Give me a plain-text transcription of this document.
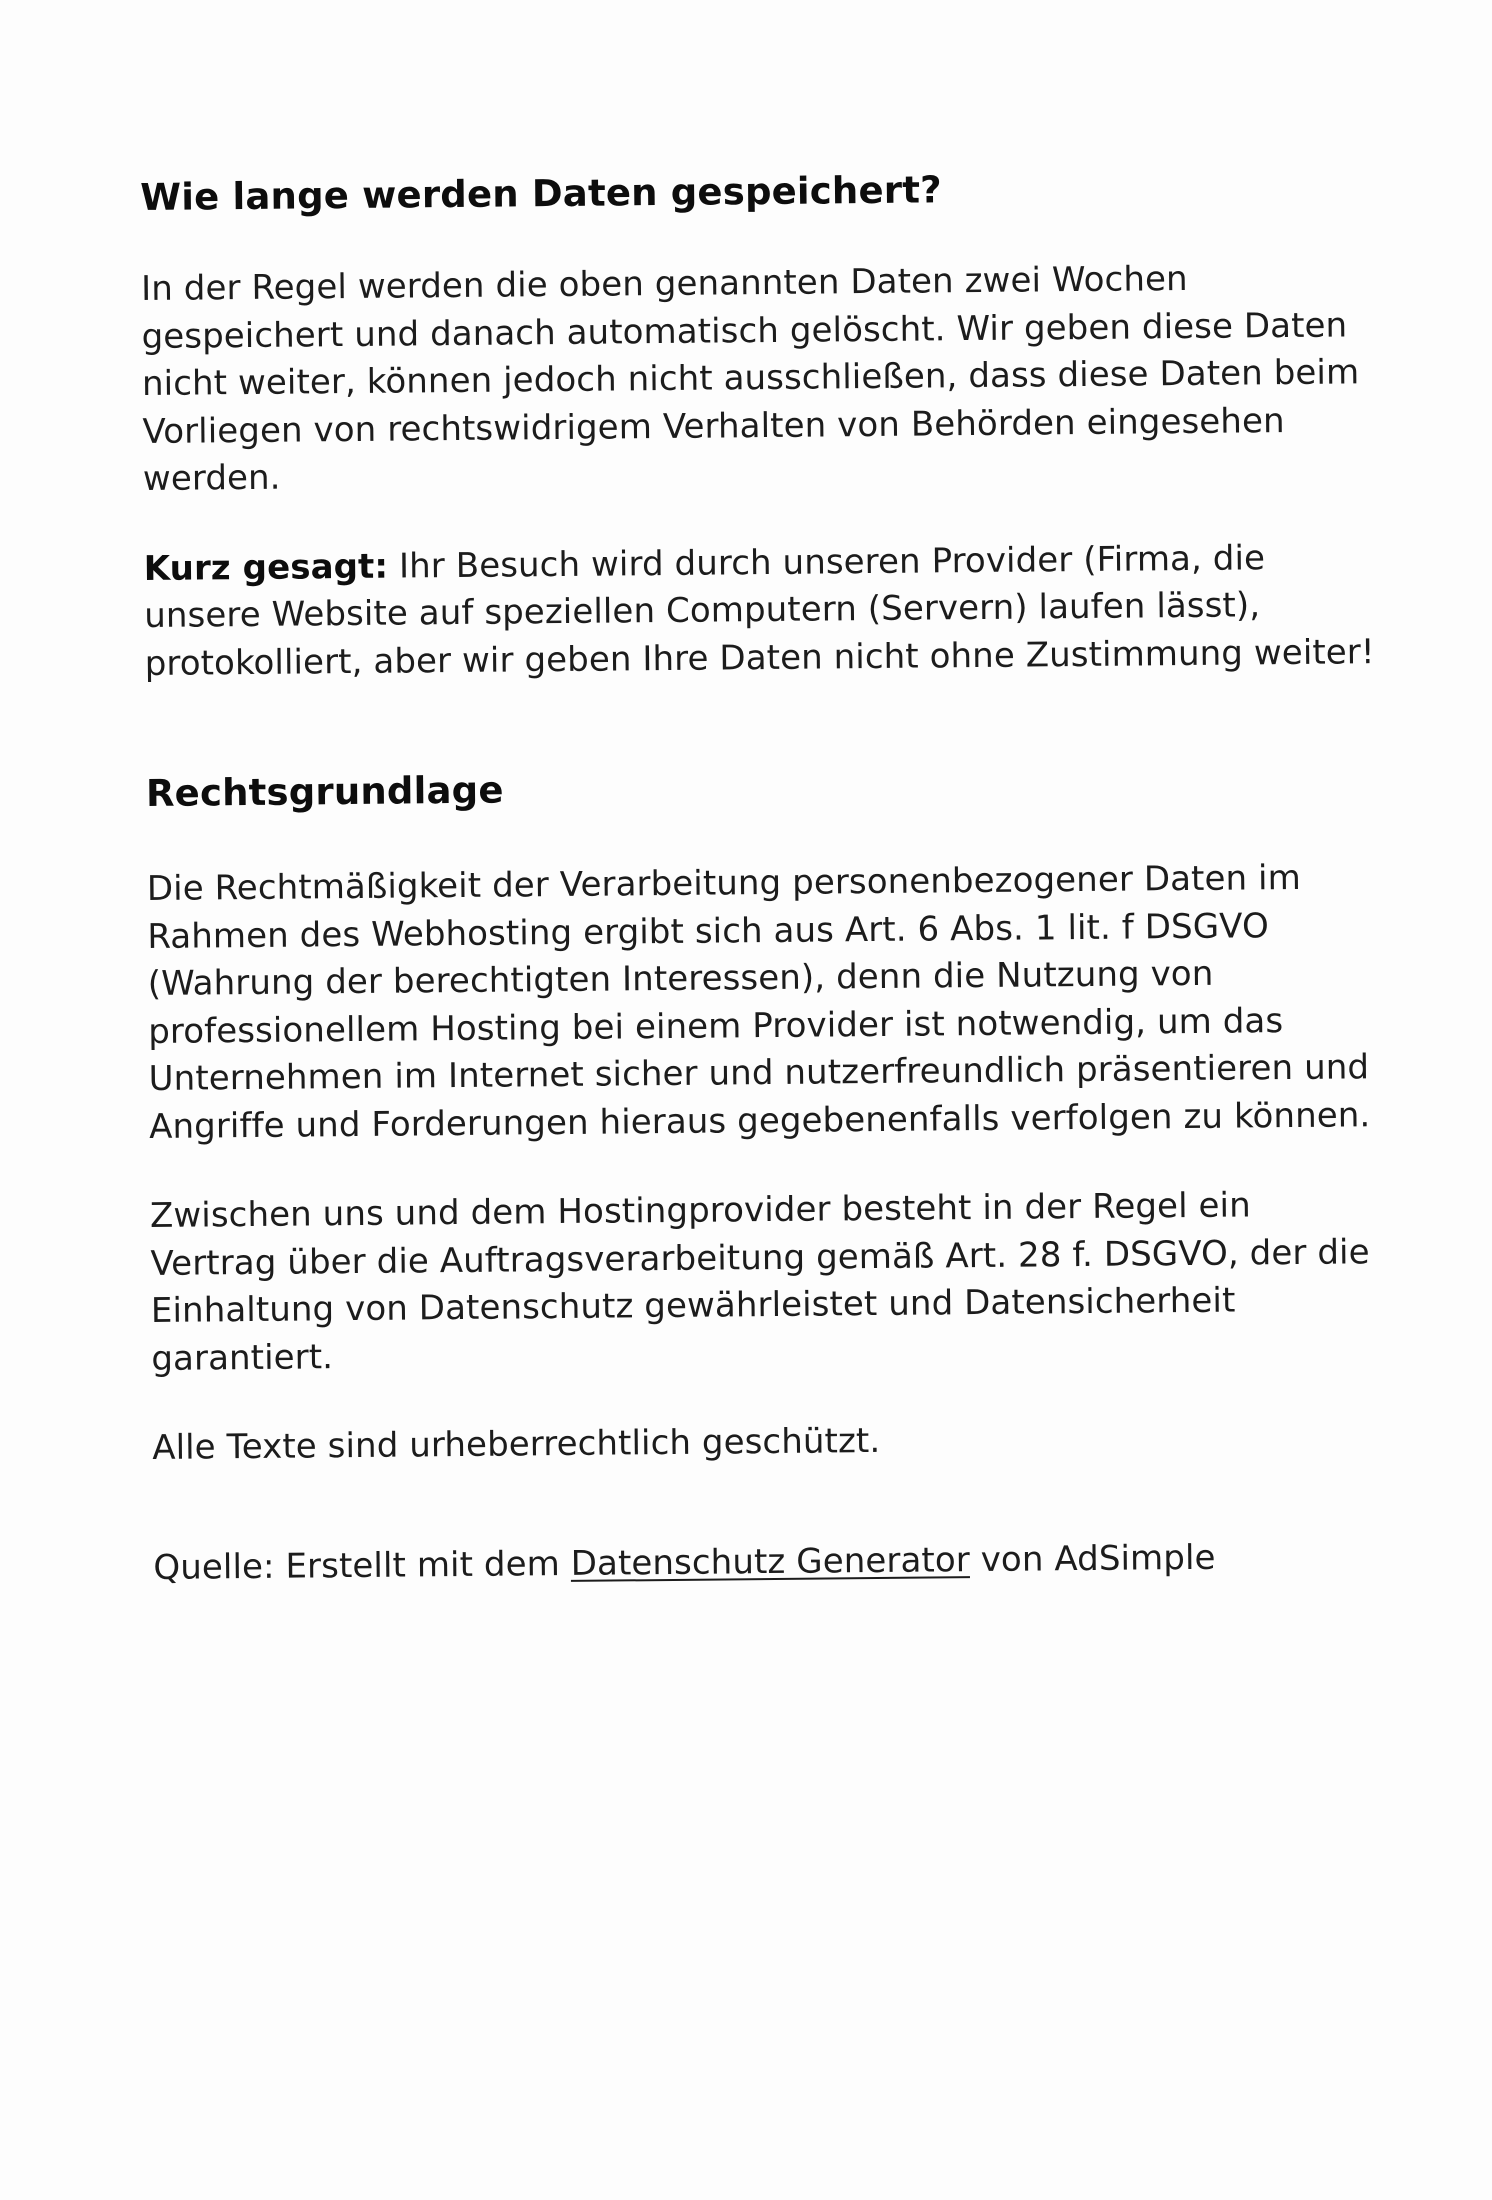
Wie lange werden Daten gespeichert?

In der Regel werden die oben genannten Daten zwei Wochen gespeichert und danach automatisch gelöscht. Wir geben diese Daten nicht weiter, können jedoch nicht ausschließen, dass diese Daten beim Vorliegen von rechtswidrigem Verhalten von Behörden eingesehen werden.

Kurz gesagt: Ihr Besuch wird durch unseren Provider (Firma, die unsere Website auf speziellen Computern (Servern) laufen lässt), protokolliert, aber wir geben Ihre Daten nicht ohne Zustimmung weiter!

Rechtsgrundlage

Die Rechtmäßigkeit der Verarbeitung personenbezogener Daten im Rahmen des Webhosting ergibt sich aus Art. 6 Abs. 1 lit. f DSGVO (Wahrung der berechtigten Interessen), denn die Nutzung von professionellem Hosting bei einem Provider ist notwendig, um das Unternehmen im Internet sicher und nutzerfreundlich präsentieren und Angriffe und Forderungen hieraus gegebenenfalls verfolgen zu können.

Zwischen uns und dem Hostingprovider besteht in der Regel ein Vertrag über die Auftragsverarbeitung gemäß Art. 28 f. DSGVO, der die Einhaltung von Datenschutz gewährleistet und Datensicherheit garantiert.

Alle Texte sind urheberrechtlich geschützt.

Quelle: Erstellt mit dem Datenschutz Generator von AdSimple
